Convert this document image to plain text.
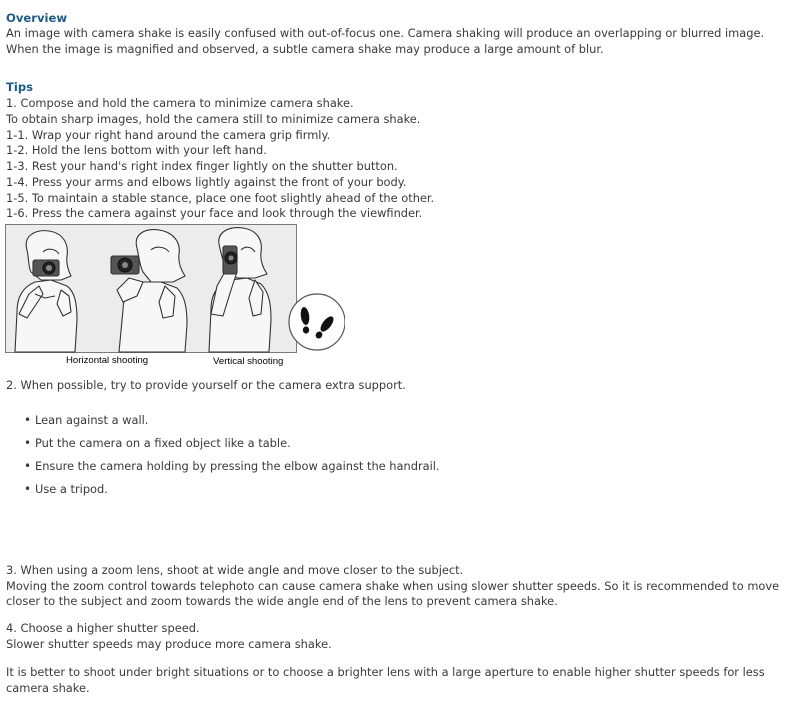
Overview
An image with camera shake is easily confused with out-of-focus one. Camera shaking will produce an overlapping or blurred image.
When the image is magnified and observed, a subtle camera shake may produce a large amount of blur.
Tips
1. Compose and hold the camera to minimize camera shake.
To obtain sharp images, hold the camera still to minimize camera shake.
1-1. Wrap your right hand around the camera grip firmly.
1-2. Hold the lens bottom with your left hand.
1-3. Rest your hand's right index finger lightly on the shutter button.
1-4. Press your arms and elbows lightly against the front of your body.
1-5. To maintain a stable stance, place one foot slightly ahead of the other.
1-6. Press the camera against your face and look through the viewfinder.
Horizontal shooting	Vertical shooting
2. When possible, try to provide yourself or the camera extra support.
• Lean against a wall.
• Put the camera on a fixed object like a table.
• Ensure the camera holding by pressing the elbow against the handrail.
• Use a tripod.
3. When using a zoom lens, shoot at wide angle and move closer to the subject.
Moving the zoom control towards telephoto can cause camera shake when using slower shutter speeds. So it is recommended to move
closer to the subject and zoom towards the wide angle end of the lens to prevent camera shake.
4. Choose a higher shutter speed.
Slower shutter speeds may produce more camera shake.
It is better to shoot under bright situations or to choose a brighter lens with a large aperture to enable higher shutter speeds for less
camera shake.
